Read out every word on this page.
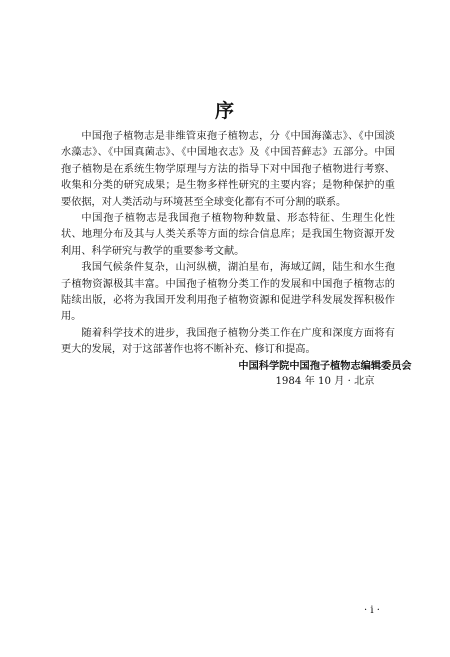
序

中国孢子植物志是非维管束孢子植物志，分《中国海藻志》、《中国淡水藻志》、《中国真菌志》、《中国地衣志》及《中国苔藓志》五部分。中国孢子植物是在系统生物学原理与方法的指导下对中国孢子植物进行考察、收集和分类的研究成果；是生物多样性研究的主要内容；是物种保护的重要依据，对人类活动与环境甚至全球变化都有不可分割的联系。

中国孢子植物志是我国孢子植物物种数量、形态特征、生理生化性状、地理分布及其与人类关系等方面的综合信息库；是我国生物资源开发利用、科学研究与教学的重要参考文献。

我国气候条件复杂，山河纵横，湖泊星布，海域辽阔，陆生和水生孢子植物资源极其丰富。中国孢子植物分类工作的发展和中国孢子植物志的陆续出版，必将为我国开发利用孢子植物资源和促进学科发展发挥积极作用。

随着科学技术的进步，我国孢子植物分类工作在广度和深度方面将有更大的发展，对于这部著作也将不断补充、修订和提高。

中国科学院中国孢子植物志编辑委员会
1984 年 10 月 · 北京
· i ·
